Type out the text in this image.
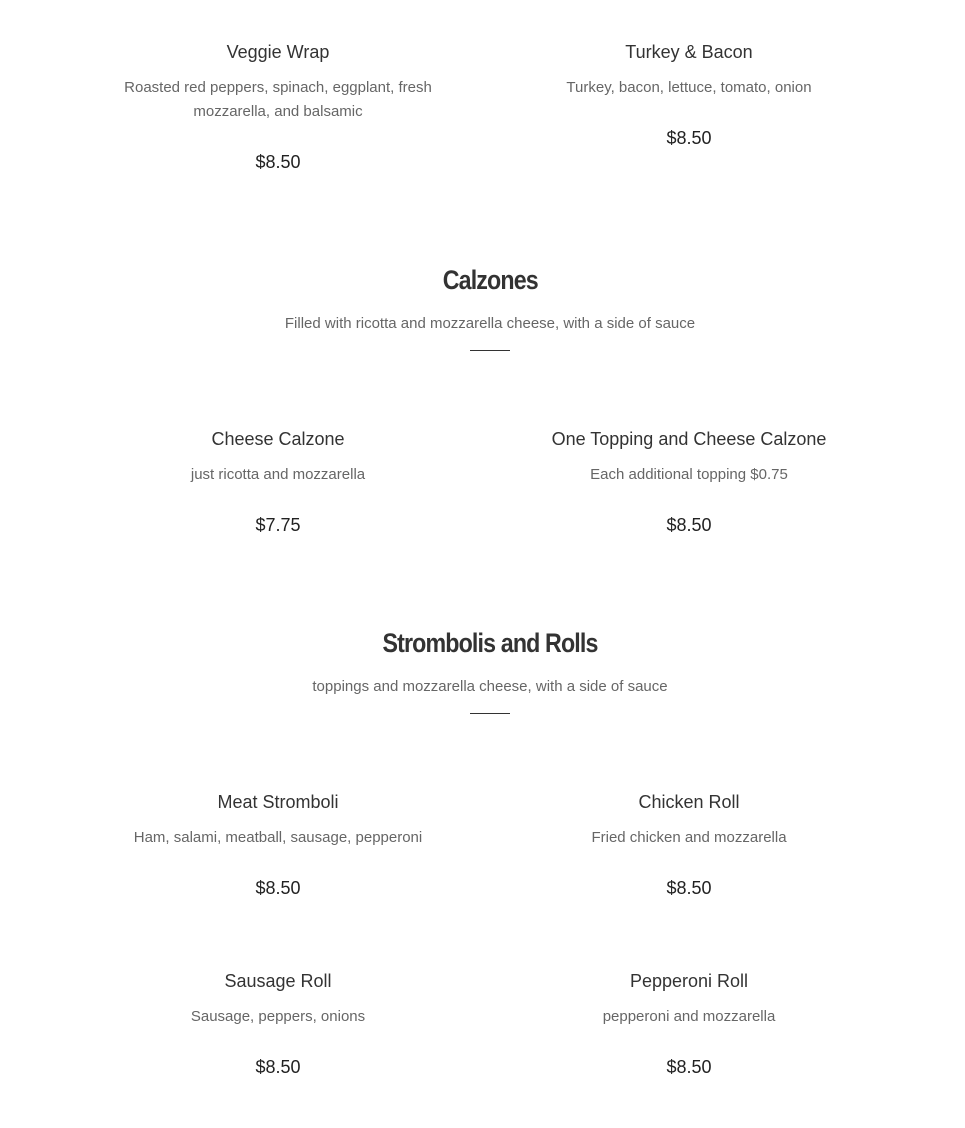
Veggie Wrap

Roasted red peppers, spinach, eggplant, fresh mozzarella, and balsamic

$8.50

Turkey & Bacon

Turkey, bacon, lettuce, tomato, onion

$8.50

Calzones

Filled with ricotta and mozzarella cheese, with a side of sauce

Cheese Calzone

just ricotta and mozzarella

$7.75

One Topping and Cheese Calzone

Each additional topping $0.75

$8.50

Strombolis and Rolls

toppings and mozzarella cheese, with a side of sauce

Meat Stromboli

Ham, salami, meatball, sausage, pepperoni

$8.50

Chicken Roll

Fried chicken and mozzarella

$8.50

Sausage Roll

Sausage, peppers, onions

$8.50

Pepperoni Roll

pepperoni and mozzarella

$8.50
